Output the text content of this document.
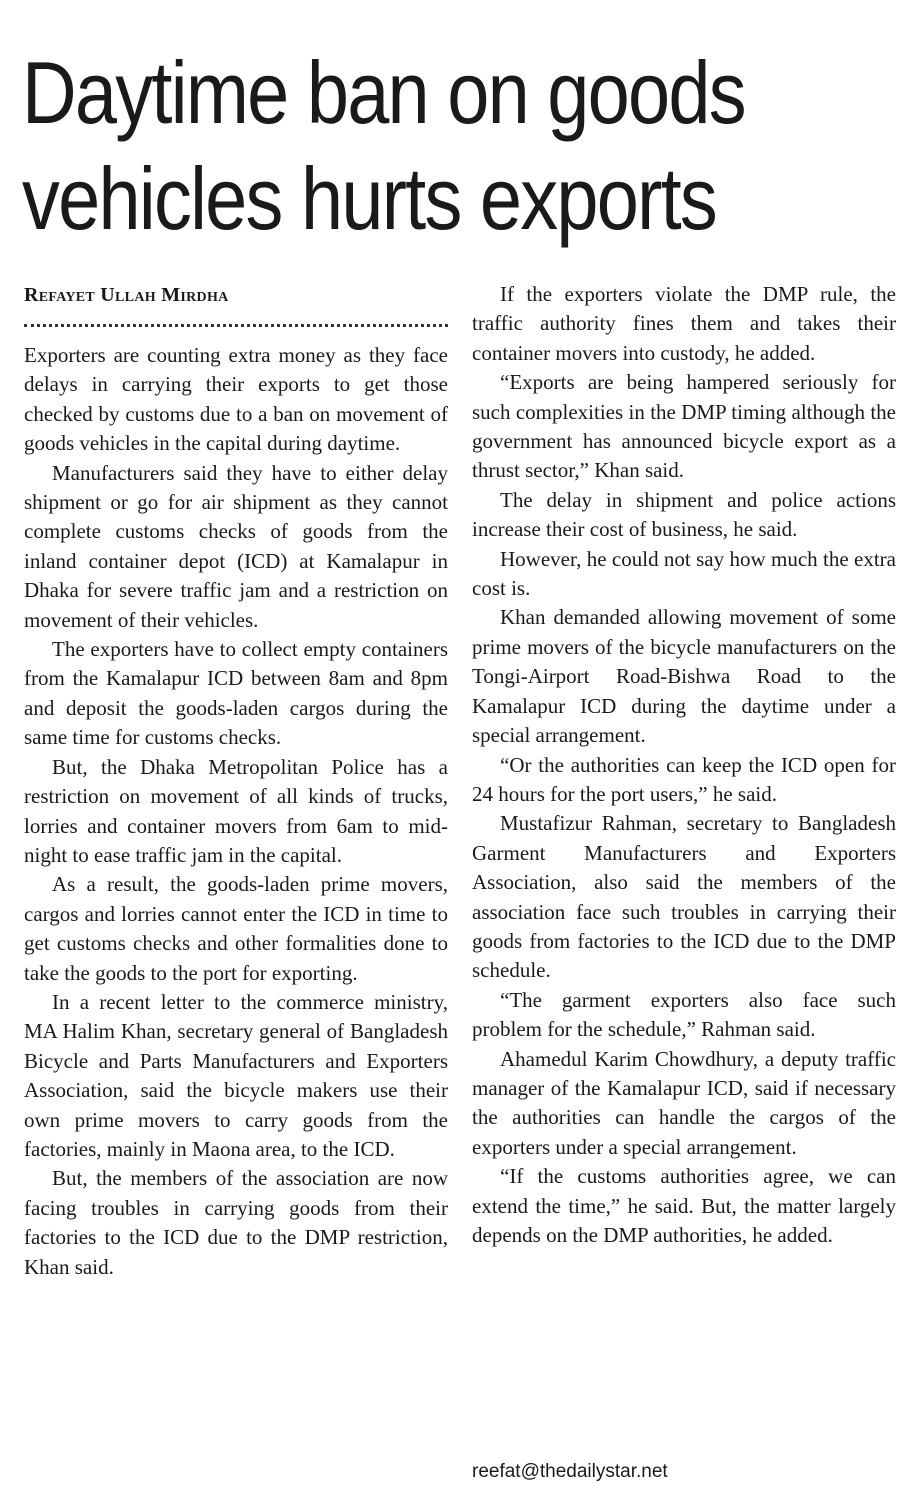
Daytime ban on goods
vehicles hurts exports
Refayet Ullah Mirdha

Exporters are counting extra money as they face delays in carrying their exports to get those checked by customs due to a ban on movement of goods vehicles in the capital during daytime.

Manufacturers said they have to either delay shipment or go for air shipment as they cannot complete customs checks of goods from the inland container depot (ICD) at Kamalapur in Dhaka for severe traffic jam and a restriction on movement of their vehicles.

The exporters have to collect empty containers from the Kamalapur ICD between 8am and 8pm and deposit the goods-laden cargos during the same time for customs checks.

But, the Dhaka Metropolitan Police has a restriction on movement of all kinds of trucks, lorries and container movers from 6am to mid-night to ease traffic jam in the capital.

As a result, the goods-laden prime movers, cargos and lorries cannot enter the ICD in time to get customs checks and other formalities done to take the goods to the port for exporting.

In a recent letter to the commerce ministry, MA Halim Khan, secretary general of Bangladesh Bicycle and Parts Manufacturers and Exporters Association, said the bicycle makers use their own prime movers to carry goods from the factories, mainly in Maona area, to the ICD.

But, the members of the association are now facing troubles in carrying goods from their factories to the ICD due to the DMP restriction, Khan said.

If the exporters violate the DMP rule, the traffic authority fines them and takes their container movers into custody, he added.

“Exports are being hampered seriously for such complexities in the DMP timing although the government has announced bicycle export as a thrust sector,” Khan said.

The delay in shipment and police actions increase their cost of business, he said.

However, he could not say how much the extra cost is.

Khan demanded allowing movement of some prime movers of the bicycle manufacturers on the Tongi-Airport Road-Bishwa Road to the Kamalapur ICD during the daytime under a special arrangement.

“Or the authorities can keep the ICD open for 24 hours for the port users,” he said.

Mustafizur Rahman, secretary to Bangladesh Garment Manufacturers and Exporters Association, also said the members of the association face such troubles in carrying their goods from factories to the ICD due to the DMP schedule.

“The garment exporters also face such problem for the schedule,” Rahman said.

Ahamedul Karim Chowdhury, a deputy traffic manager of the Kamalapur ICD, said if necessary the authorities can handle the cargos of the exporters under a special arrangement.

“If the customs authorities agree, we can extend the time,” he said. But, the matter largely depends on the DMP authorities, he added.

reefat@thedailystar.net
